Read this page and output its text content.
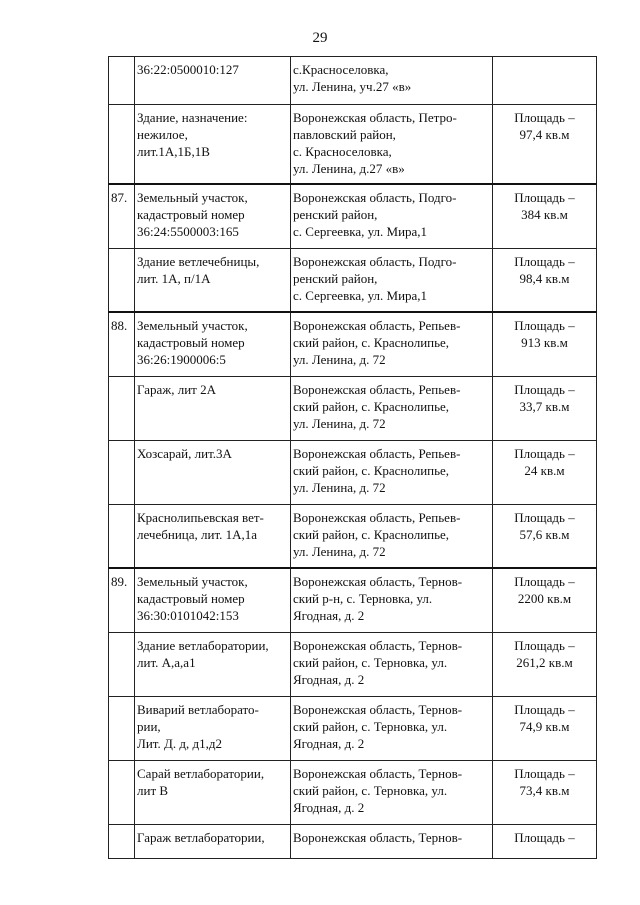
29

	36:22:0500010:127	с.Красноселовка,
ул. Ленина, уч.27 «в»	

	Здание, назначение:
нежилое,
лит.1А,1Б,1В	Воронежская область, Петро-
павловский район,
с. Красноселовка,
ул. Ленина, д.27 «в»	Площадь –
97,4 кв.м

87.	Земельный участок,
кадастровый номер
36:24:5500003:165	Воронежская область, Подго-
ренский район,
с. Сергеевка, ул. Мира,1	Площадь –
384 кв.м

	Здание ветлечебницы,
лит. 1А, п/1А	Воронежская область, Подго-
ренский район,
с. Сергеевка, ул. Мира,1	Площадь –
98,4 кв.м

88.	Земельный участок,
кадастровый номер
36:26:1900006:5	Воронежская область, Репьев-
ский район, с. Краснолипье,
ул. Ленина, д. 72	Площадь –
913 кв.м

	Гараж, лит 2А	Воронежская область, Репьев-
ский район, с. Краснолипье,
ул. Ленина, д. 72	Площадь –
33,7 кв.м

	Хозсарай, лит.3А	Воронежская область, Репьев-
ский район, с. Краснолипье,
ул. Ленина, д. 72	Площадь –
24 кв.м

	Краснолипьевская вет-
лечебница, лит. 1А,1а	Воронежская область, Репьев-
ский район, с. Краснолипье,
ул. Ленина, д. 72	Площадь –
57,6 кв.м

89.	Земельный участок,
кадастровый номер
36:30:0101042:153	Воронежская область, Тернов-
ский р-н, с. Терновка, ул.
Ягодная, д. 2	Площадь –
2200 кв.м

	Здание ветлаборатории,
лит. А,а,а1	Воронежская область, Тернов-
ский район, с. Терновка, ул.
Ягодная, д. 2	Площадь –
261,2 кв.м

	Виварий ветлаборато-
рии,
Лит. Д. д, д1,д2	Воронежская область, Тернов-
ский район, с. Терновка, ул.
Ягодная, д. 2	Площадь –
74,9 кв.м

	Сарай ветлаборатории,
лит В	Воронежская область, Тернов-
ский район, с. Терновка, ул.
Ягодная, д. 2	Площадь –
73,4 кв.м

	Гараж ветлаборатории,	Воронежская область, Тернов-	Площадь –
